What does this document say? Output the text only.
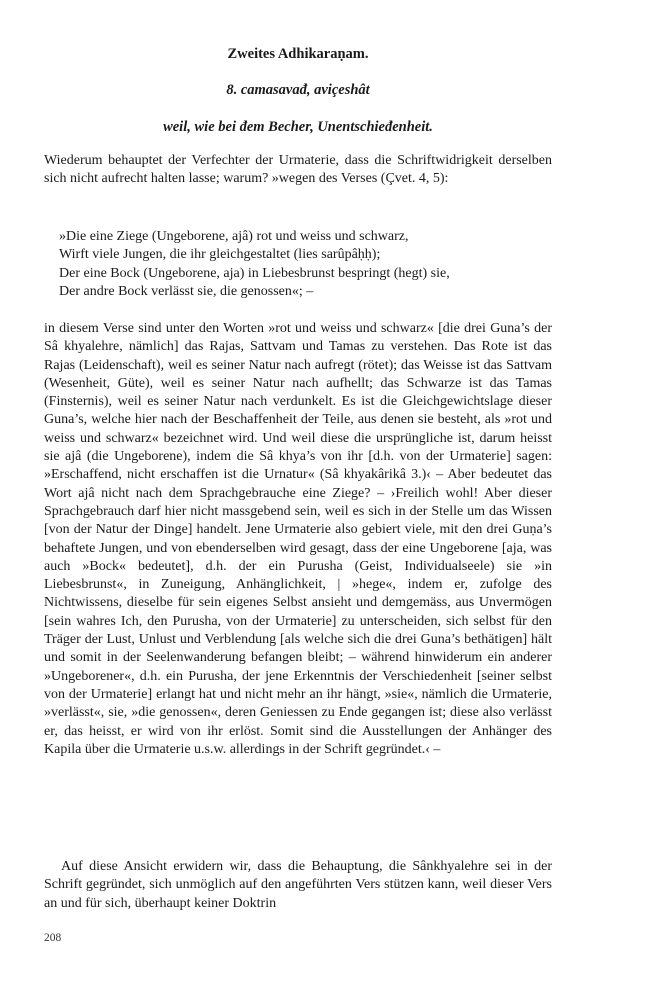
Zweites Adhikaraṇam.
8. camasavađ, aviçeshât
weil, wie bei đem Becher, Unentschieđenheit.
Wiederum behauptet der Verfechter der Urmaterie, dass die Schriftwidrigkeit derselben sich nicht aufrecht halten lasse; warum? »wegen des Verses (Çvet. 4, 5):
»Die eine Ziege (Ungeborene, ajâ) rot und weiss und schwarz,
Wirft viele Jungen, die ihr gleichgestaltet (lies sarûpâḥḥ);
Der eine Bock (Ungeborene, aja) in Liebesbrunst bespringt (hegt) sie,
Der andre Bock verlässt sie, die genossen«; –
in diesem Verse sind unter den Worten »rot und weiss und schwarz« [die drei Guna’s der Sâ khyalehre, nämlich] das Rajas, Sattvam und Tamas zu verstehen. Das Rote ist das Rajas (Leidenschaft), weil es seiner Natur nach aufregt (rötet); das Weisse ist das Sattvam (Wesenheit, Güte), weil es seiner Natur nach aufhellt; das Schwarze ist das Tamas (Finsternis), weil es seiner Natur nach verdunkelt. Es ist die Gleichgewichtslage dieser Guna’s, welche hier nach der Beschaffenheit der Teile, aus denen sie besteht, als »rot und weiss und schwarz« bezeichnet wird. Und weil diese die ursprüngliche ist, darum heisst sie ajâ (die Ungeborene), indem die Sâ khya’s von ihr [d.h. von der Urmaterie] sagen: »Erschaffend, nicht erschaffen ist die Urnatur« (Sâ khyakârikâ 3.)‹ – Aber bedeutet das Wort ajâ nicht nach dem Sprachgebrauche eine Ziege? – ›Freilich wohl! Aber dieser Sprachgebrauch darf hier nicht massgebend sein, weil es sich in der Stelle um das Wissen [von der Natur der Dinge] handelt. Jene Urmaterie also gebiert viele, mit den drei Guṇa’s behaftete Jungen, und von ebenderselben wird gesagt, dass der eine Ungeborene [aja, was auch »Bock« bedeutet], d.h. der ein Purusha (Geist, Individualseele) sie »in Liebesbrunst«, in Zuneigung, Anhänglichkeit, | »hege«, indem er, zufolge des Nichtwissens, dieselbe für sein eigenes Selbst ansieht und demgemäss, aus Unvermögen [sein wahres Ich, den Purusha, von der Urmaterie] zu unterscheiden, sich selbst für den Träger der Lust, Unlust und Verblendung [als welche sich die drei Guna’s bethätigen] hält und somit in der Seelenwanderung befangen bleibt; – während hinwiderum ein anderer »Ungeborener«, d.h. ein Purusha, der jene Erkenntnis der Verschiedenheit [seiner selbst von der Urmaterie] erlangt hat und nicht mehr an ihr hängt, »sie«, nämlich die Urmaterie, »verlässt«, sie, »die genossen«, deren Geniessen zu Ende gegangen ist; diese also verlässt er, das heisst, er wird von ihr erlöst. Somit sind die Ausstellungen der Anhänger des Kapila über die Urmaterie u.s.w. allerdings in der Schrift gegründet.‹ –
Auf diese Ansicht erwidern wir, dass die Behauptung, die Sânkhyalehre sei in der Schrift gegründet, sich unmöglich auf den angeführten Vers stützen kann, weil dieser Vers an und für sich, überhaupt keiner Doktrin
208
